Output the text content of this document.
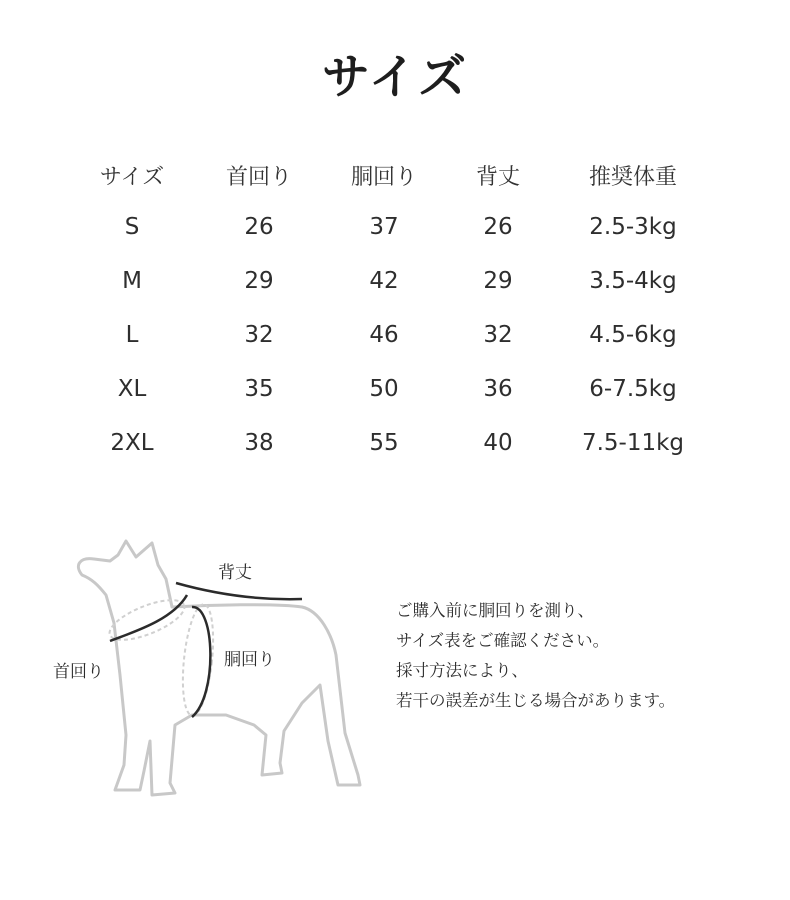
サイズ
サイズ	首回り	胴回り	背丈	推奨体重
S	26	37	26	2.5-3kg
M	29	42	29	3.5-4kg
L	32	46	32	4.5-6kg
XL	35	50	36	6-7.5kg
2XL	38	55	40	7.5-11kg
背丈
首回り
胴回り
ご購入前に胴回りを測り、
サイズ表をご確認ください。
採寸方法により、
若干の誤差が生じる場合があります。
